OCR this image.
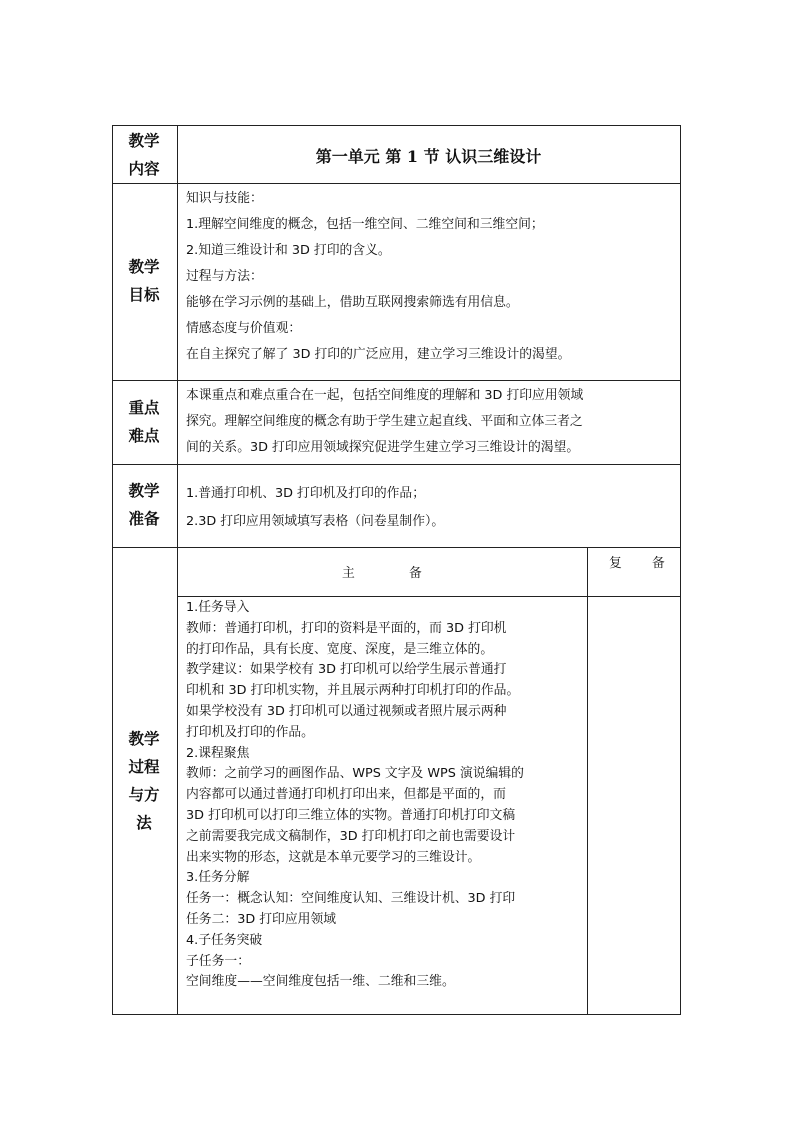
教学
内容
第一单元 第 1 节 认识三维设计
教学
目标
知识与技能：
1.理解空间维度的概念，包括一维空间、二维空间和三维空间；
2.知道三维设计和 3D 打印的含义。
过程与方法：
能够在学习示例的基础上，借助互联网搜索筛选有用信息。
情感态度与价值观：
在自主探究了解了 3D 打印的广泛应用，建立学习三维设计的渴望。
重点
难点
本课重点和难点重合在一起，包括空间维度的理解和 3D 打印应用领域
探究。理解空间维度的概念有助于学生建立起直线、平面和立体三者之
间的关系。3D 打印应用领域探究促进学生建立学习三维设计的渴望。
教学
准备
1.普通打印机、3D 打印机及打印的作品；
2.3D 打印应用领域填写表格（问卷星制作）。
教学
过程
与方
法
主	备
复 备
1.任务导入
教师：普通打印机，打印的资料是平面的，而 3D 打印机
的打印作品，具有长度、宽度、深度，是三维立体的。
教学建议：如果学校有 3D 打印机可以给学生展示普通打
印机和 3D 打印机实物，并且展示两种打印机打印的作品。
如果学校没有 3D 打印机可以通过视频或者照片展示两种
打印机及打印的作品。
2.课程聚焦
教师：之前学习的画图作品、WPS 文字及 WPS 演说编辑的
内容都可以通过普通打印机打印出来，但都是平面的，而
3D 打印机可以打印三维立体的实物。普通打印机打印文稿
之前需要我完成文稿制作，3D 打印机打印之前也需要设计
出来实物的形态，这就是本单元要学习的三维设计。
3.任务分解
任务一：概念认知：空间维度认知、三维设计机、3D 打印
任务二：3D 打印应用领域
4.子任务突破
子任务一：
空间维度——空间维度包括一维、二维和三维。
